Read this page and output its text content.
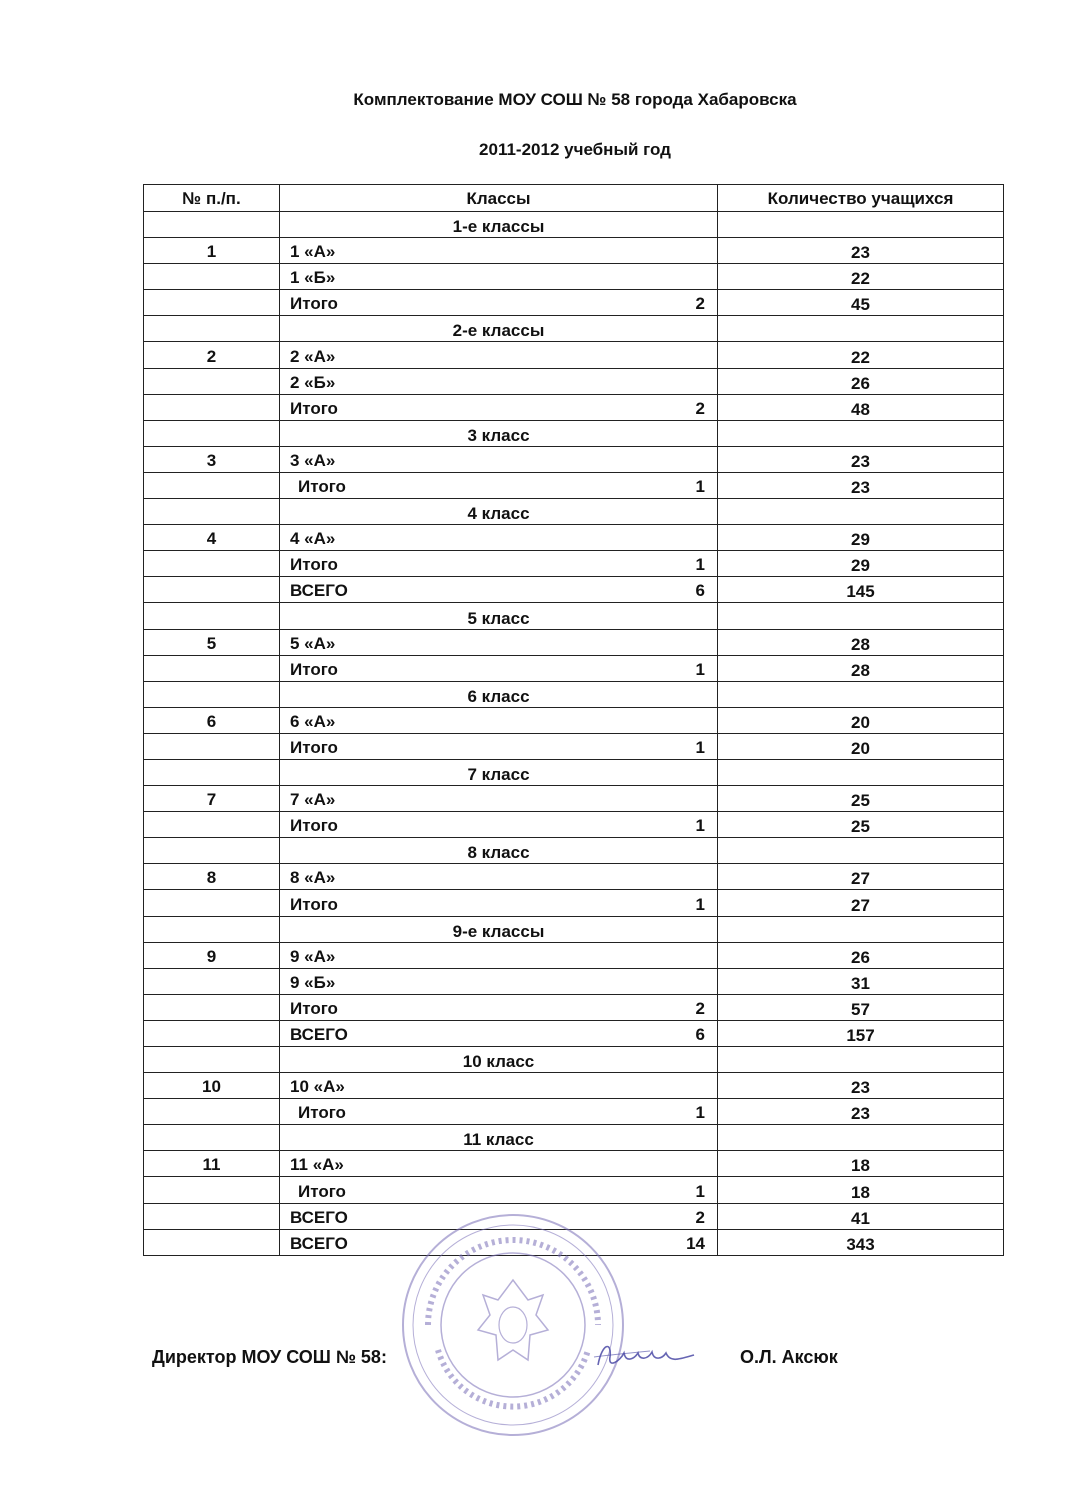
Комплектование МОУ СОШ № 58 города Хабаровска
2011-2012 учебный год
№ п./п.	Классы	Количество учащихся
	1-е классы	
1	1 «А»	23

	1 «Б»	22

	Итого 2	45
	2-е классы	
2	2 «А»	22

	2 «Б»	26

	Итого 2	48
	3 класс	
3	3 «А»	23

	Итого 1	23
	4 класс	
4	4 «А»	29

	Итого 1	29

	ВСЕГО 6	145
	5 класс	
5	5 «А»	28

	Итого 1	28
	6 класс	
6	6 «А»	20

	Итого 1	20
	7 класс	
7	7 «А»	25

	Итого 1	25
	8 класс	
8	8 «А»	27

	Итого 1	27
	9-е классы	
9	9 «А»	26

	9 «Б»	31

	Итого 2	57

	ВСЕГО 6	157
	10 класс	
10	10 «А»	23

	Итого 1	23
	11 класс	
11	11 «А»	18

	Итого 1	18

	ВСЕГО 2	41

	ВСЕГО 14	343
Директор МОУ СОШ № 58:	О.Л. Аксюк
